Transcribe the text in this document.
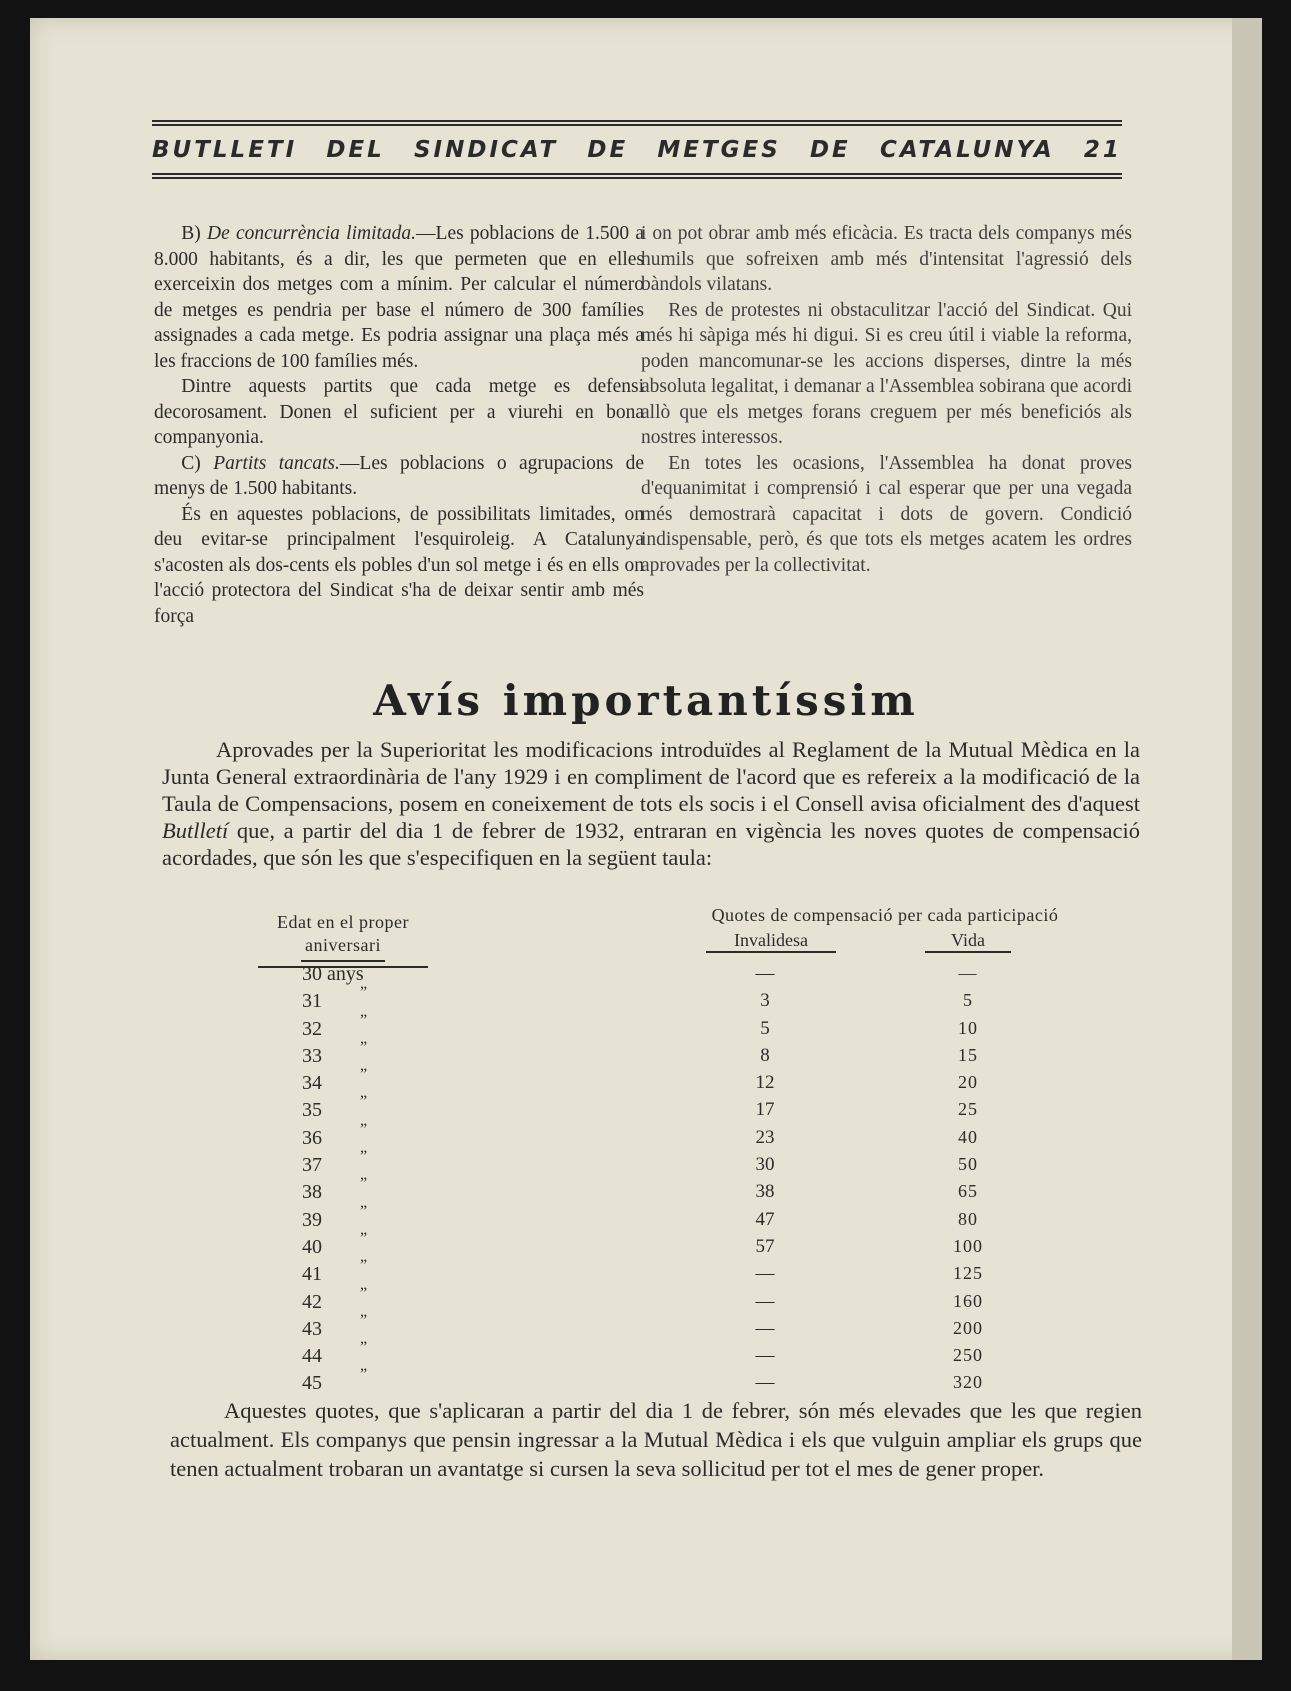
BUTLLETI DEL SINDICAT DE METGES DE CATALUNYA 21

B) De concurrència limitada.—Les poblacions de 1.500 a 8.000 habitants, és a dir, les que permeten que en elles exerceixin dos metges com a mínim. Per calcular el número de metges es pendria per base el número de 300 famílies assignades a cada metge. Es podria assignar una plaça més a les fraccions de 100 famílies més.

Dintre aquests partits que cada metge es defensi decorosament. Donen el suficient per a viurehi en bona companyonia.

C) Partits tancats.—Les poblacions o agrupacions de menys de 1.500 habitants.

És en aquestes poblacions, de possibilitats limitades, on deu evitar-se principalment l'esquiroleig. A Catalunya s'acosten als dos-cents els pobles d'un sol metge i és en ells on l'acció protectora del Sindicat s'ha de deixar sentir amb més força

i on pot obrar amb més eficàcia. Es tracta dels companys més humils que sofreixen amb més d'intensitat l'agressió dels bàndols vilatans.

Res de protestes ni obstaculitzar l'acció del Sindicat. Qui més hi sàpiga més hi digui. Si es creu útil i viable la reforma, poden mancomunar-se les accions disperses, dintre la més absoluta legalitat, i demanar a l'Assemblea sobirana que acordi allò que els metges forans creguem per més beneficiós als nostres interessos.

En totes les ocasions, l'Assemblea ha donat proves d'equanimitat i comprensió i cal esperar que per una vegada més demostrarà capacitat i dots de govern. Condició indispensable, però, és que tots els metges acatem les ordres aprovades per la collectivitat.

Avís importantíssim

Aprovades per la Superioritat les modificacions introduïdes al Reglament de la Mutual Mèdica en la Junta General extraordinària de l'any 1929 i en compliment de l'acord que es refereix a la modificació de la Taula de Compensacions, posem en coneixement de tots els socis i el Consell avisa oficialment des d'aquest Butlletí que, a partir del dia 1 de febrer de 1932, entraran en vigència les noves quotes de compensació acordades, que són les que s'especifiquen en la següent taula:

Edat en el proper
aniversari
Quotes de compensació per cada participació
Invalidesa	Vida
30 anys	—	—
31	”	3	5
32	”	5	10
33	”	8	15
34	”	12	20
35	”	17	25
36	”	23	40
37	”	30	50
38	”	38	65
39	”	47	80
40	”	57	100
41	”	—	125
42	”	—	160
43	”	—	200
44	”	—	250
45	”	—	320

Aquestes quotes, que s'aplicaran a partir del dia 1 de febrer, són més elevades que les que regien actualment. Els companys que pensin ingressar a la Mutual Mèdica i els que vulguin ampliar els grups que tenen actualment trobaran un avantatge si cursen la seva sollicitud per tot el mes de gener proper.
